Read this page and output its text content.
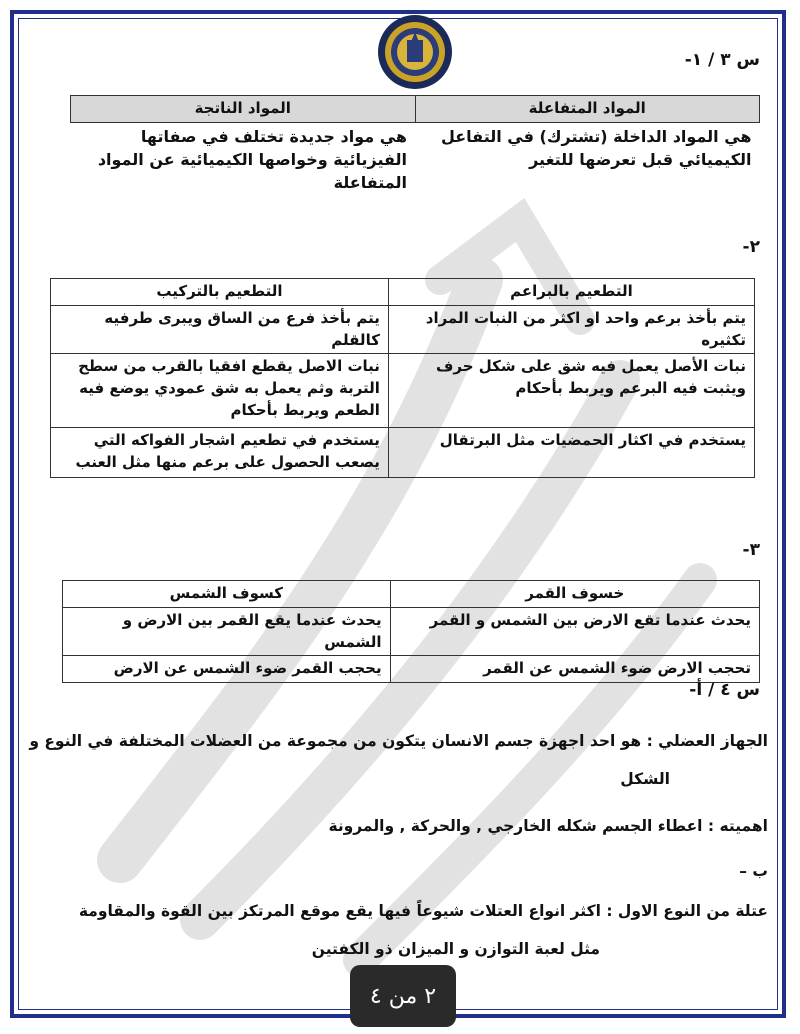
س ٣ / ١-
المواد المتفاعلة	المواد الناتجة
هي المواد الداخلة (تشترك) في التفاعل الكيميائي قبل تعرضها للتغير	هي مواد جديدة تختلف في صفاتها الفيزيائية وخواصها الكيميائية عن المواد المتفاعلة
٢-
التطعيم بالبراعم	التطعيم بالتركيب
يتم بأخذ برعم واحد او اكثر من النبات المراد تكثيره	يتم بأخذ فرع من الساق ويبرى طرفيه كالقلم
نبات الأصل يعمل فيه شق على شكل حرف ويثبت فيه البرعم ويربط بأحكام	نبات الاصل يقطع افقيا بالقرب من سطح التربة وثم يعمل به شق عمودي يوضع فيه الطعم ويربط بأحكام
يستخدم في اكثار الحمضيات مثل البرتقال	يستخدم في تطعيم اشجار الفواكه التي يصعب الحصول على برعم منها مثل العنب
٣-
خسوف القمر	كسوف الشمس
يحدث عندما تقع الارض بين الشمس و القمر	يحدث عندما يقع القمر بين الارض و الشمس
تحجب الارض ضوء الشمس عن القمر	يحجب القمر ضوء الشمس عن الارض
س ٤ / أ-
الجهاز العضلي : هو احد اجهزة جسم الانسان يتكون من مجموعة من العضلات المختلفة في النوع و
الشكل
اهميته : اعطاء الجسم شكله الخارجي , والحركة , والمرونة
ب –
عتلة من النوع الاول : اكثر انواع العتلات شيوعاً فيها يقع موقع المرتكز بين القوة والمقاومة
مثل لعبة التوازن و الميزان ذو الكفتين
٢ من ٤
